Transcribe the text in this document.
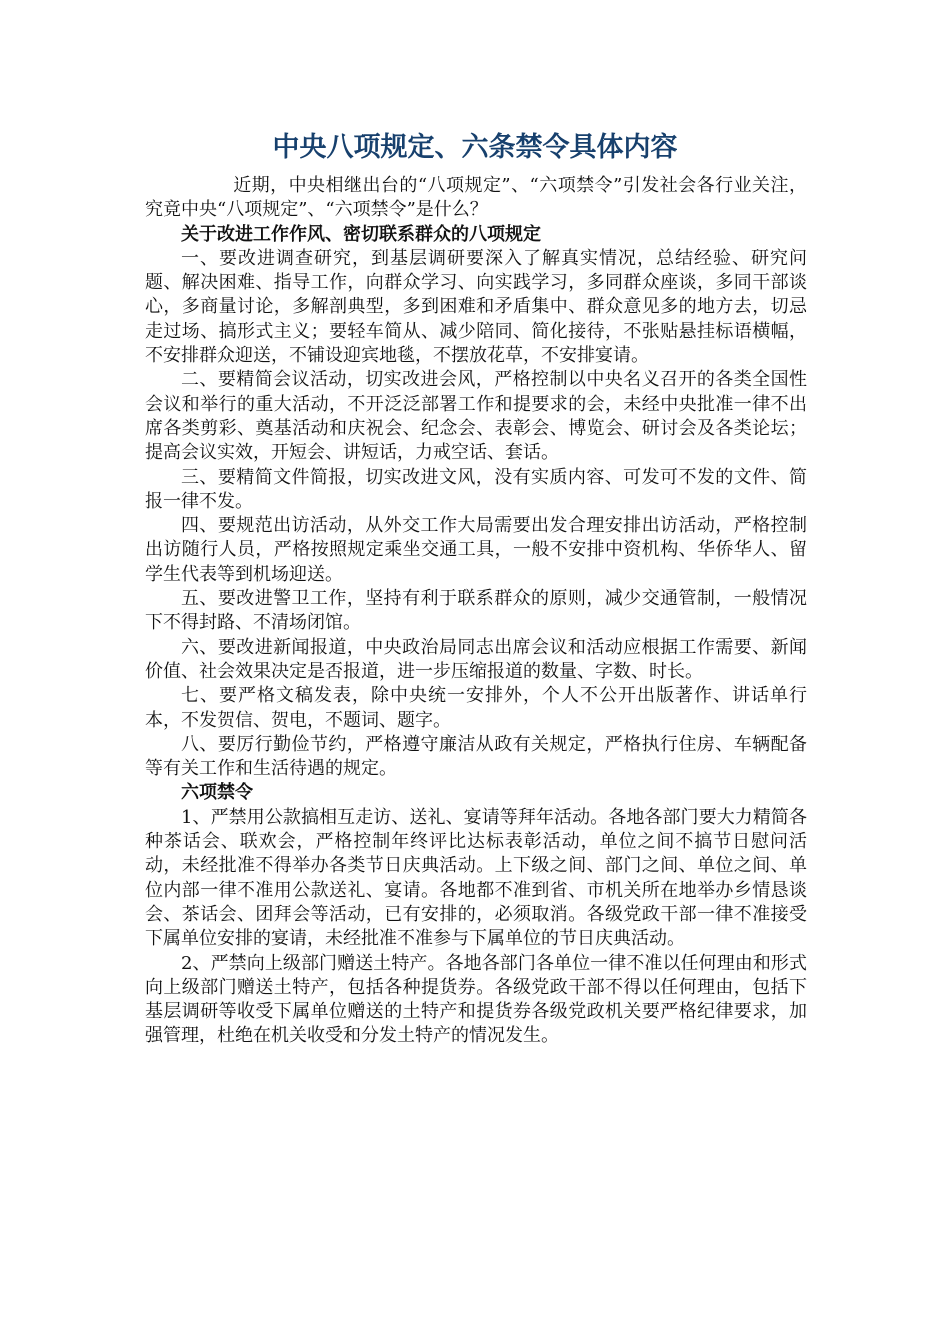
中央八项规定、六条禁令具体内容

近期，中央相继出台的“八项规定”、“六项禁令”引发社会各行业关注，究竟中央“八项规定”、“六项禁令”是什么？

关于改进工作作风、密切联系群众的八项规定

一、要改进调查研究，到基层调研要深入了解真实情况，总结经验、研究问题、解决困难、指导工作，向群众学习、向实践学习，多同群众座谈，多同干部谈心，多商量讨论，多解剖典型，多到困难和矛盾集中、群众意见多的地方去，切忌走过场、搞形式主义；要轻车简从、减少陪同、简化接待，不张贴悬挂标语横幅，不安排群众迎送，不铺设迎宾地毯，不摆放花草，不安排宴请。

二、要精简会议活动，切实改进会风，严格控制以中央名义召开的各类全国性会议和举行的重大活动，不开泛泛部署工作和提要求的会，未经中央批准一律不出席各类剪彩、奠基活动和庆祝会、纪念会、表彰会、博览会、研讨会及各类论坛；提高会议实效，开短会、讲短话，力戒空话、套话。

三、要精简文件简报，切实改进文风，没有实质内容、可发可不发的文件、简报一律不发。

四、要规范出访活动，从外交工作大局需要出发合理安排出访活动，严格控制出访随行人员，严格按照规定乘坐交通工具，一般不安排中资机构、华侨华人、留学生代表等到机场迎送。

五、要改进警卫工作，坚持有利于联系群众的原则，减少交通管制，一般情况下不得封路、不清场闭馆。

六、要改进新闻报道，中央政治局同志出席会议和活动应根据工作需要、新闻价值、社会效果决定是否报道，进一步压缩报道的数量、字数、时长。

七、要严格文稿发表，除中央统一安排外，个人不公开出版著作、讲话单行本，不发贺信、贺电，不题词、题字。

八、要厉行勤俭节约，严格遵守廉洁从政有关规定，严格执行住房、车辆配备等有关工作和生活待遇的规定。

六项禁令

1、严禁用公款搞相互走访、送礼、宴请等拜年活动。各地各部门要大力精简各种茶话会、联欢会，严格控制年终评比达标表彰活动，单位之间不搞节日慰问活动，未经批准不得举办各类节日庆典活动。上下级之间、部门之间、单位之间、单位内部一律不准用公款送礼、宴请。各地都不准到省、市机关所在地举办乡情恳谈会、茶话会、团拜会等活动，已有安排的，必须取消。各级党政干部一律不准接受下属单位安排的宴请，未经批准不准参与下属单位的节日庆典活动。

2、严禁向上级部门赠送土特产。各地各部门各单位一律不准以任何理由和形式向上级部门赠送土特产，包括各种提货券。各级党政干部不得以任何理由，包括下基层调研等收受下属单位赠送的土特产和提货券各级党政机关要严格纪律要求，加强管理，杜绝在机关收受和分发土特产的情况发生。
